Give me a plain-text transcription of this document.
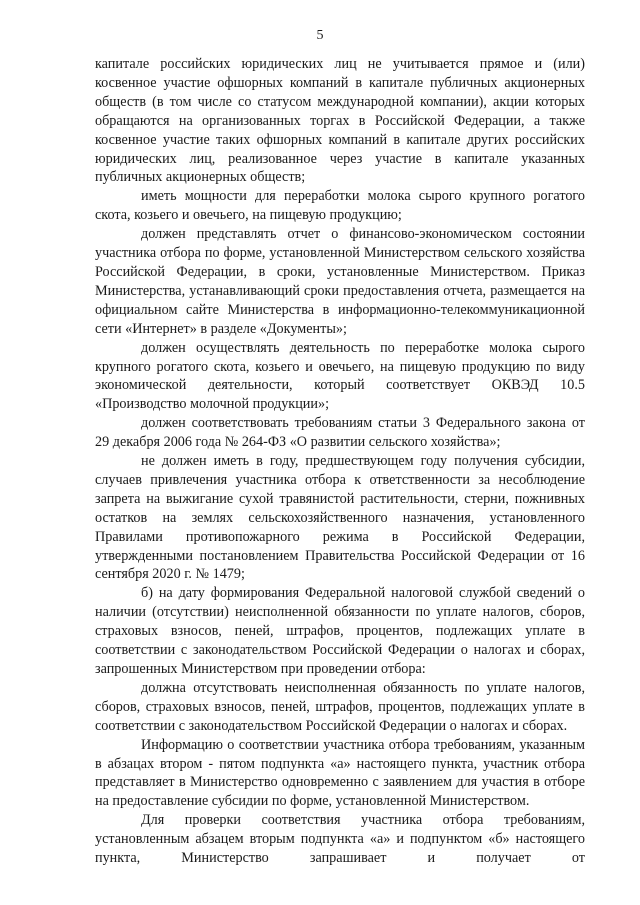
5

капитале российских юридических лиц не учитывается прямое и (или) косвенное участие офшорных компаний в капитале публичных акционерных обществ (в том числе со статусом международной компании), акции которых обращаются на организованных торгах в Российской Федерации, а также косвенное участие таких офшорных компаний в капитале других российских юридических лиц, реализованное через участие в капитале указанных публичных акционерных обществ;

иметь мощности для переработки молока сырого крупного рогатого скота, козьего и овечьего, на пищевую продукцию;

должен представлять отчет о финансово-экономическом состоянии участника отбора по форме, установленной Министерством сельского хозяйства Российской Федерации, в сроки, установленные Министерством. Приказ Министерства, устанавливающий сроки предоставления отчета, размещается на официальном сайте Министерства в информационно-телекоммуникационной сети «Интернет» в разделе «Документы»;

должен осуществлять деятельность по переработке молока сырого крупного рогатого скота, козьего и овечьего, на пищевую продукцию по виду экономической деятельности, который соответствует ОКВЭД 10.5 «Производство молочной продукции»;

должен соответствовать требованиям статьи 3 Федерального закона от 29 декабря 2006 года № 264-ФЗ «О развитии сельского хозяйства»;

не должен иметь в году, предшествующем году получения субсидии, случаев привлечения участника отбора к ответственности за несоблюдение запрета на выжигание сухой травянистой растительности, стерни, пожнивных остатков на землях сельскохозяйственного назначения, установленного Правилами противопожарного режима в Российской Федерации, утвержденными постановлением Правительства Российской Федерации от 16 сентября 2020 г. № 1479;

б) на дату формирования Федеральной налоговой службой сведений о наличии (отсутствии) неисполненной обязанности по уплате налогов, сборов, страховых взносов, пеней, штрафов, процентов, подлежащих уплате в соответствии с законодательством Российской Федерации о налогах и сборах, запрошенных Министерством при проведении отбора:

должна отсутствовать неисполненная обязанность по уплате налогов, сборов, страховых взносов, пеней, штрафов, процентов, подлежащих уплате в соответствии с законодательством Российской Федерации о налогах и сборах.

Информацию о соответствии участника отбора требованиям, указанным в абзацах втором - пятом подпункта «а» настоящего пункта, участник отбора представляет в Министерство одновременно с заявлением для участия в отборе на предоставление субсидии по форме, установленной Министерством.

Для проверки соответствия участника отбора требованиям, установленным абзацем вторым подпункта «а» и подпунктом «б» настоящего пункта, Министерство запрашивает и получает от
